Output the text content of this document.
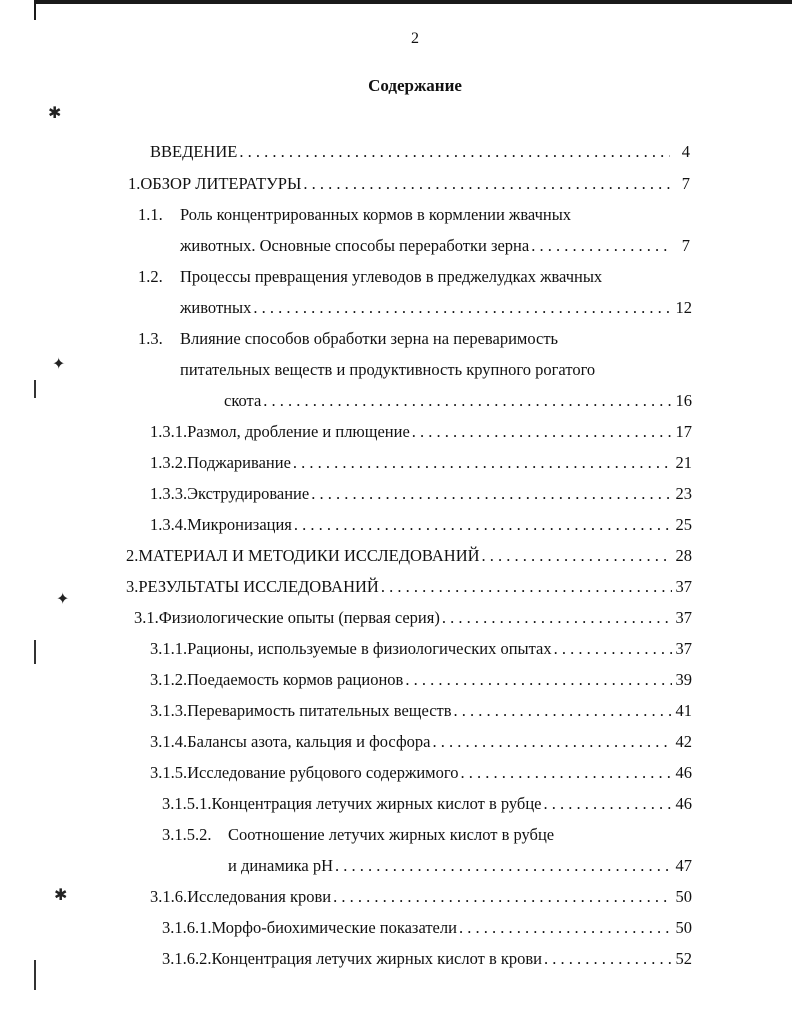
2
Содержание
ВВЕДЕНИЕ . . .	4
1. ОБЗОР ЛИТЕРАТУРЫ . . .	7
1.1. Роль концентрированных кормов в кормлении жвачных
животных. Основные способы переработки зерна . . .	7
1.2. Процессы превращения углеводов в преджелудках жвачных
животных . . .	12
1.3. Влияние способов обработки зерна на переваримость
питательных веществ и продуктивность крупного рогатого
скота . . .	16
1.3.1. Размол, дробление и плющение . . .	17
1.3.2. Поджаривание . . .	21
1.3.3. Экструдирование . . .	23
1.3.4. Микронизация . . .	25
2. МАТЕРИАЛ И МЕТОДИКИ ИССЛЕДОВАНИЙ . . .	28
3. РЕЗУЛЬТАТЫ ИССЛЕДОВАНИЙ . . .	37
3.1. Физиологические опыты (первая серия) . . .	37
3.1.1. Рационы, используемые в физиологических опытах . . .	37
3.1.2. Поедаемость кормов рационов . . .	39
3.1.3. Переваримость питательных веществ . . .	41
3.1.4. Балансы азота, кальция и фосфора . . .	42
3.1.5. Исследование рубцового содержимого . . .	46
3.1.5.1. Концентрация летучих жирных кислот в рубце . . .	46
3.1.5.2. Соотношение летучих жирных кислот в рубце
и динамика рН . . .	47
3.1.6. Исследования крови . . .	50
3.1.6.1. Морфо-биохимические показатели . . .	50
3.1.6.2. Концентрация летучих жирных кислот в крови . . .	52
✱
✦
✦
✱
